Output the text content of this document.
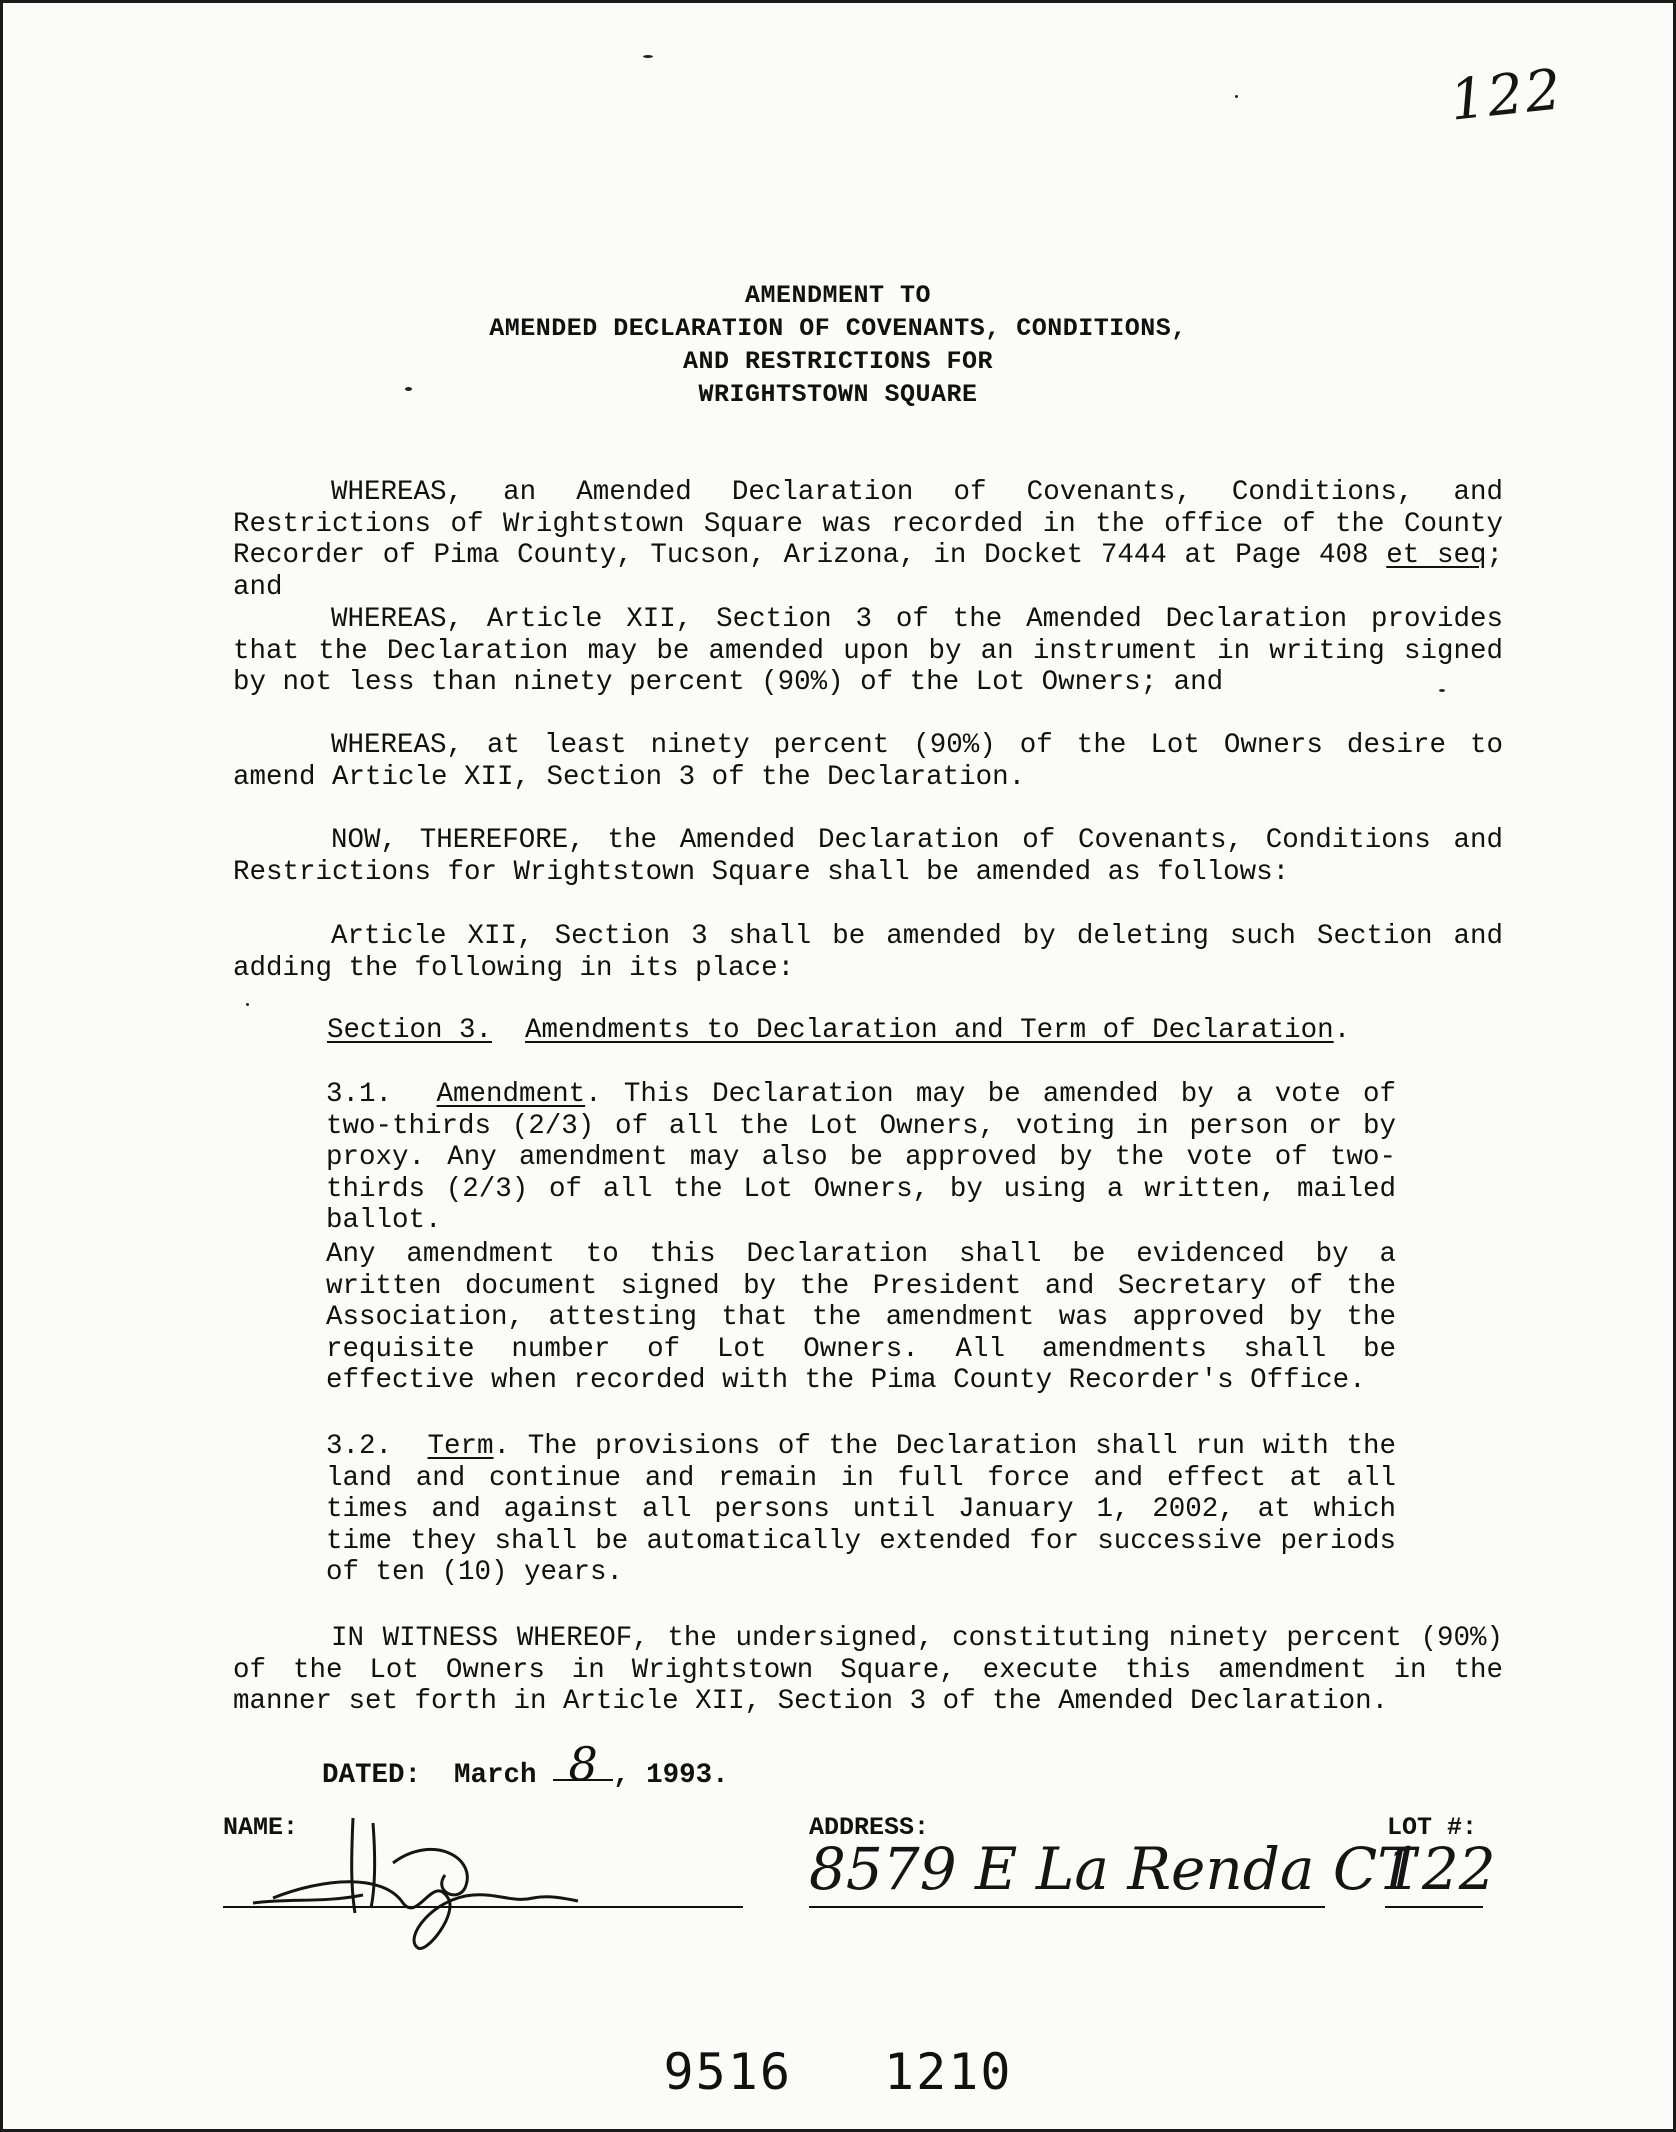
122
AMENDMENT TO
AMENDED DECLARATION OF COVENANTS, CONDITIONS,
AND RESTRICTIONS FOR
WRIGHTSTOWN SQUARE

WHEREAS, an Amended Declaration of Covenants, Conditions, and Restrictions of Wrightstown Square was recorded in the office of the County Recorder of Pima County, Tucson, Arizona, in Docket 7444 at Page 408 et seq; and

WHEREAS, Article XII, Section 3 of the Amended Declaration provides that the Declaration may be amended upon by an instrument in writing signed by not less than ninety percent (90%) of the Lot Owners; and

WHEREAS, at least ninety percent (90%) of the Lot Owners desire to amend Article XII, Section 3 of the Declaration.

NOW, THEREFORE, the Amended Declaration of Covenants, Conditions and Restrictions for Wrightstown Square shall be amended as follows:

Article XII, Section 3 shall be amended by deleting such Section and adding the following in its place:

Section 3. Amendments to Declaration and Term of Declaration.
3.1. Amendment. This Declaration may be amended by a vote of two-thirds (2/3) of all the Lot Owners, voting in person or by proxy. Any amendment may also be approved by the vote of two-thirds (2/3) of all the Lot Owners, by using a written, mailed ballot.
Any amendment to this Declaration shall be evidenced by a written document signed by the President and Secretary of the Association, attesting that the amendment was approved by the requisite number of Lot Owners. All amendments shall be effective when recorded with the Pima County Recorder's Office.
3.2. Term. The provisions of the Declaration shall run with the land and continue and remain in full force and effect at all times and against all persons until January 1, 2002, at which time they shall be automatically extended for successive periods of ten (10) years.

IN WITNESS WHEREOF, the undersigned, constituting ninety percent (90%) of the Lot Owners in Wrightstown Square, execute this amendment in the manner set forth in Article XII, Section 3 of the Amended Declaration.

DATED: March 8 , 1993.
NAME:	ADDRESS:	LOT #:
8579 E La Renda CT
122
9516 1210
